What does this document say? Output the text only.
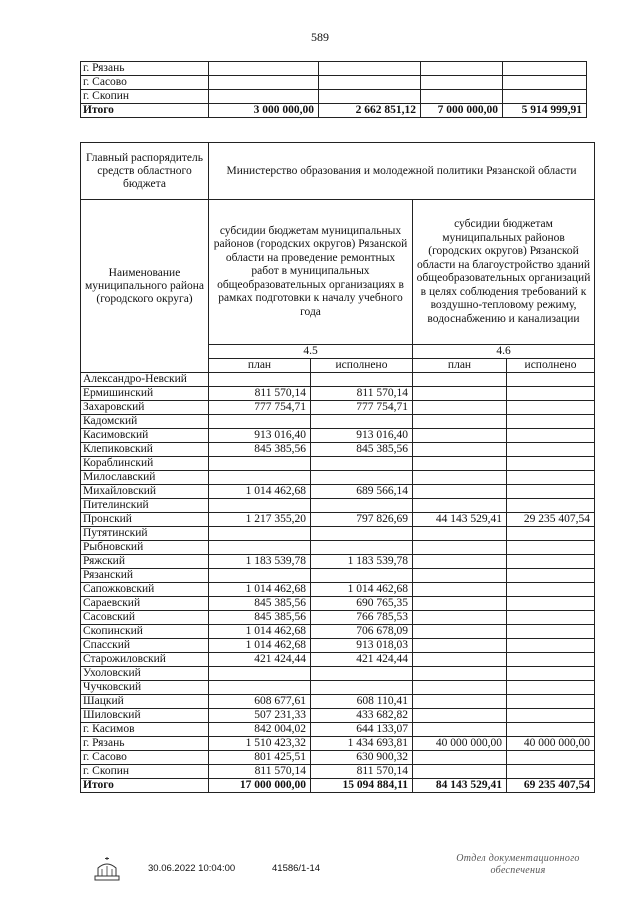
589
г. Рязань				
г. Сасово				
г. Скопин				
Итого	3 000 000,00	2 662 851,12	7 000 000,00	5 914 999,91
Главный распорядитель средств областного бюджета	Министерство образования и молодежной политики Рязанской области			
Наименование муниципального района (городского округа)	субсидии бюджетам муниципальных районов (городских округов) Рязанской области на проведение ремонтных работ в муниципальных общеобразовательных организациях в рамках подготовки к началу учебного года		субсидии бюджетам муниципальных районов (городских округов) Рязанской области на благоустройство зданий общеобразовательных организаций в целях соблюдения требований к воздушно-тепловому режиму, водоснабжению и канализации	
	4.5		4.6	
	план	исполнено	план	исполнено
Александро-Невский				
Ермишинский	811 570,14	811 570,14		
Захаровский	777 754,71	777 754,71		
Кадомский				
Касимовский	913 016,40	913 016,40		
Клепиковский	845 385,56	845 385,56		
Кораблинский				
Милославский				
Михайловский	1 014 462,68	689 566,14		
Пителинский				
Пронский	1 217 355,20	797 826,69	44 143 529,41	29 235 407,54
Путятинский				
Рыбновский				
Ряжский	1 183 539,78	1 183 539,78		
Рязанский				
Сапожковский	1 014 462,68	1 014 462,68		
Сараевский	845 385,56	690 765,35		
Сасовский	845 385,56	766 785,53		
Скопинский	1 014 462,68	706 678,09		
Спасский	1 014 462,68	913 018,03		
Старожиловский	421 424,44	421 424,44		
Ухоловский				
Чучковский				
Шацкий	608 677,61	608 110,41		
Шиловский	507 231,33	433 682,82		
г. Касимов	842 004,02	644 133,07		
г. Рязань	1 510 423,32	1 434 693,81	40 000 000,00	40 000 000,00
г. Сасово	801 425,51	630 900,32		
г. Скопин	811 570,14	811 570,14		
Итого	17 000 000,00	15 094 884,11	84 143 529,41	69 235 407,54
30.06.2022 10:04:00	41586/1-14
Отдел документационного обеспечения
